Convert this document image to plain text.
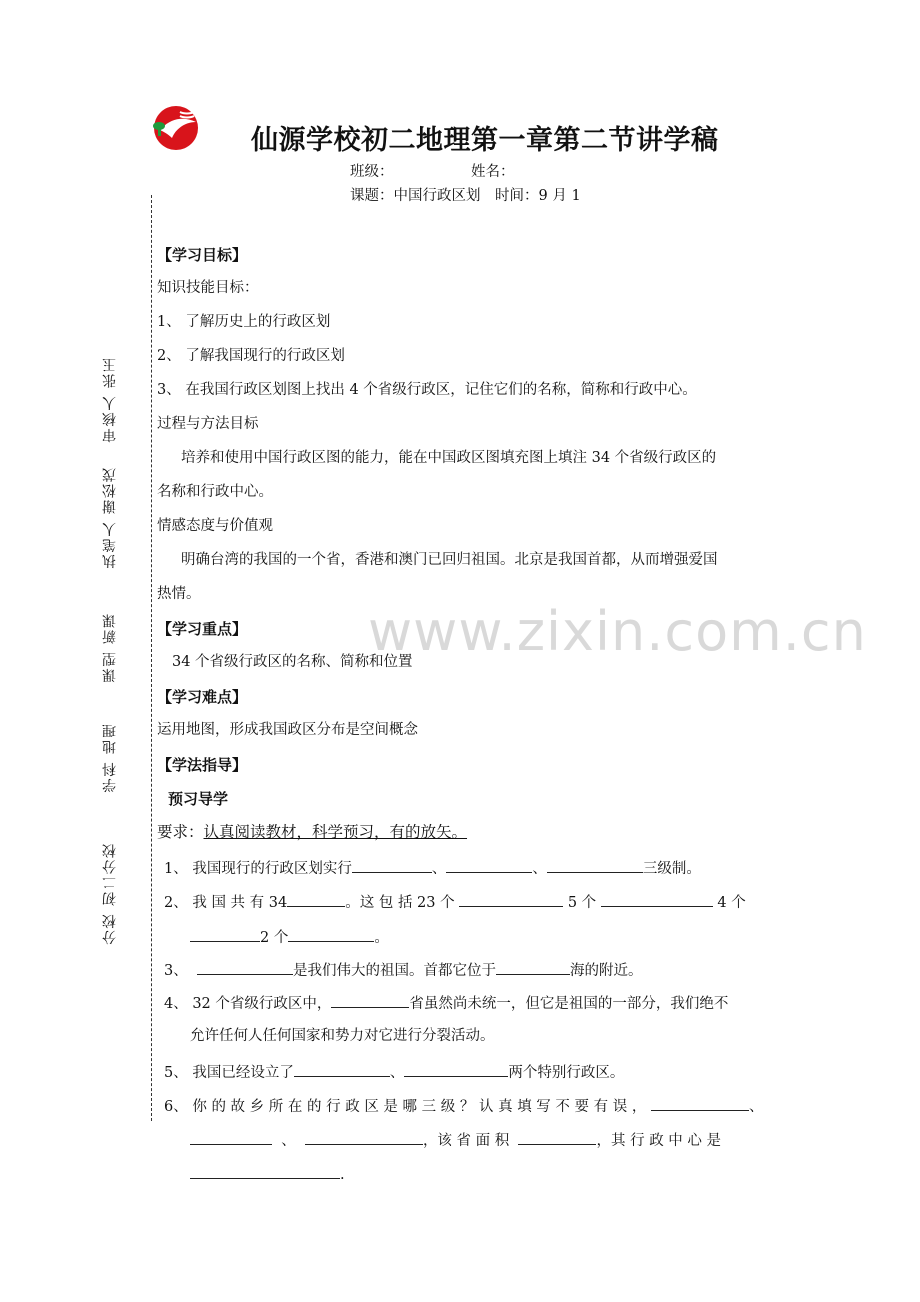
仙源学校初二地理第一章第二节讲学稿
班级：	姓名：
课题：中国行政区划　时间：9 月 1
审核人 张玉
执笔人 谢松茂
课型 新课
学科 地理
分校 初二分校
www.zixin.com.cn
【学习目标】
知识技能目标：
1、 了解历史上的行政区划
2、 了解我国现行的行政区划
3、 在我国行政区划图上找出 4 个省级行政区，记住它们的名称，简称和行政中心。
过程与方法目标
培养和使用中国行政区图的能力，能在中国政区图填充图上填注 34 个省级行政区的
名称和行政中心。
情感态度与价值观
明确台湾的我国的一个省，香港和澳门已回归祖国。北京是我国首都，从而增强爱国
热情。
【学习重点】
34 个省级行政区的名称、简称和位置
【学习难点】
运用地图，形成我国政区分布是空间概念
【学法指导】
预习导学
要求：认真阅读教材，科学预习，有的放矢。
1、 我国现行的行政区划实行	、	、	三级制。
2、 我 国 共 有 34	。这 包 括 23 个	5 个	4 个
2 个	。
3、	是我们伟大的祖国。首都它位于	海的附近。
4、 32 个省级行政区中，	省虽然尚未统一，但它是祖国的一部分，我们绝不
允许任何人任何国家和势力对它进行分裂活动。
5、 我国已经设立了	、	两个特别行政区。
6、 你 的 故 乡 所 在 的 行 政 区 是 哪 三 级 ？ 认 真 填 写 不 要 有 误 ，	、
、	，该 省 面 积	，其 行 政 中 心 是
.
